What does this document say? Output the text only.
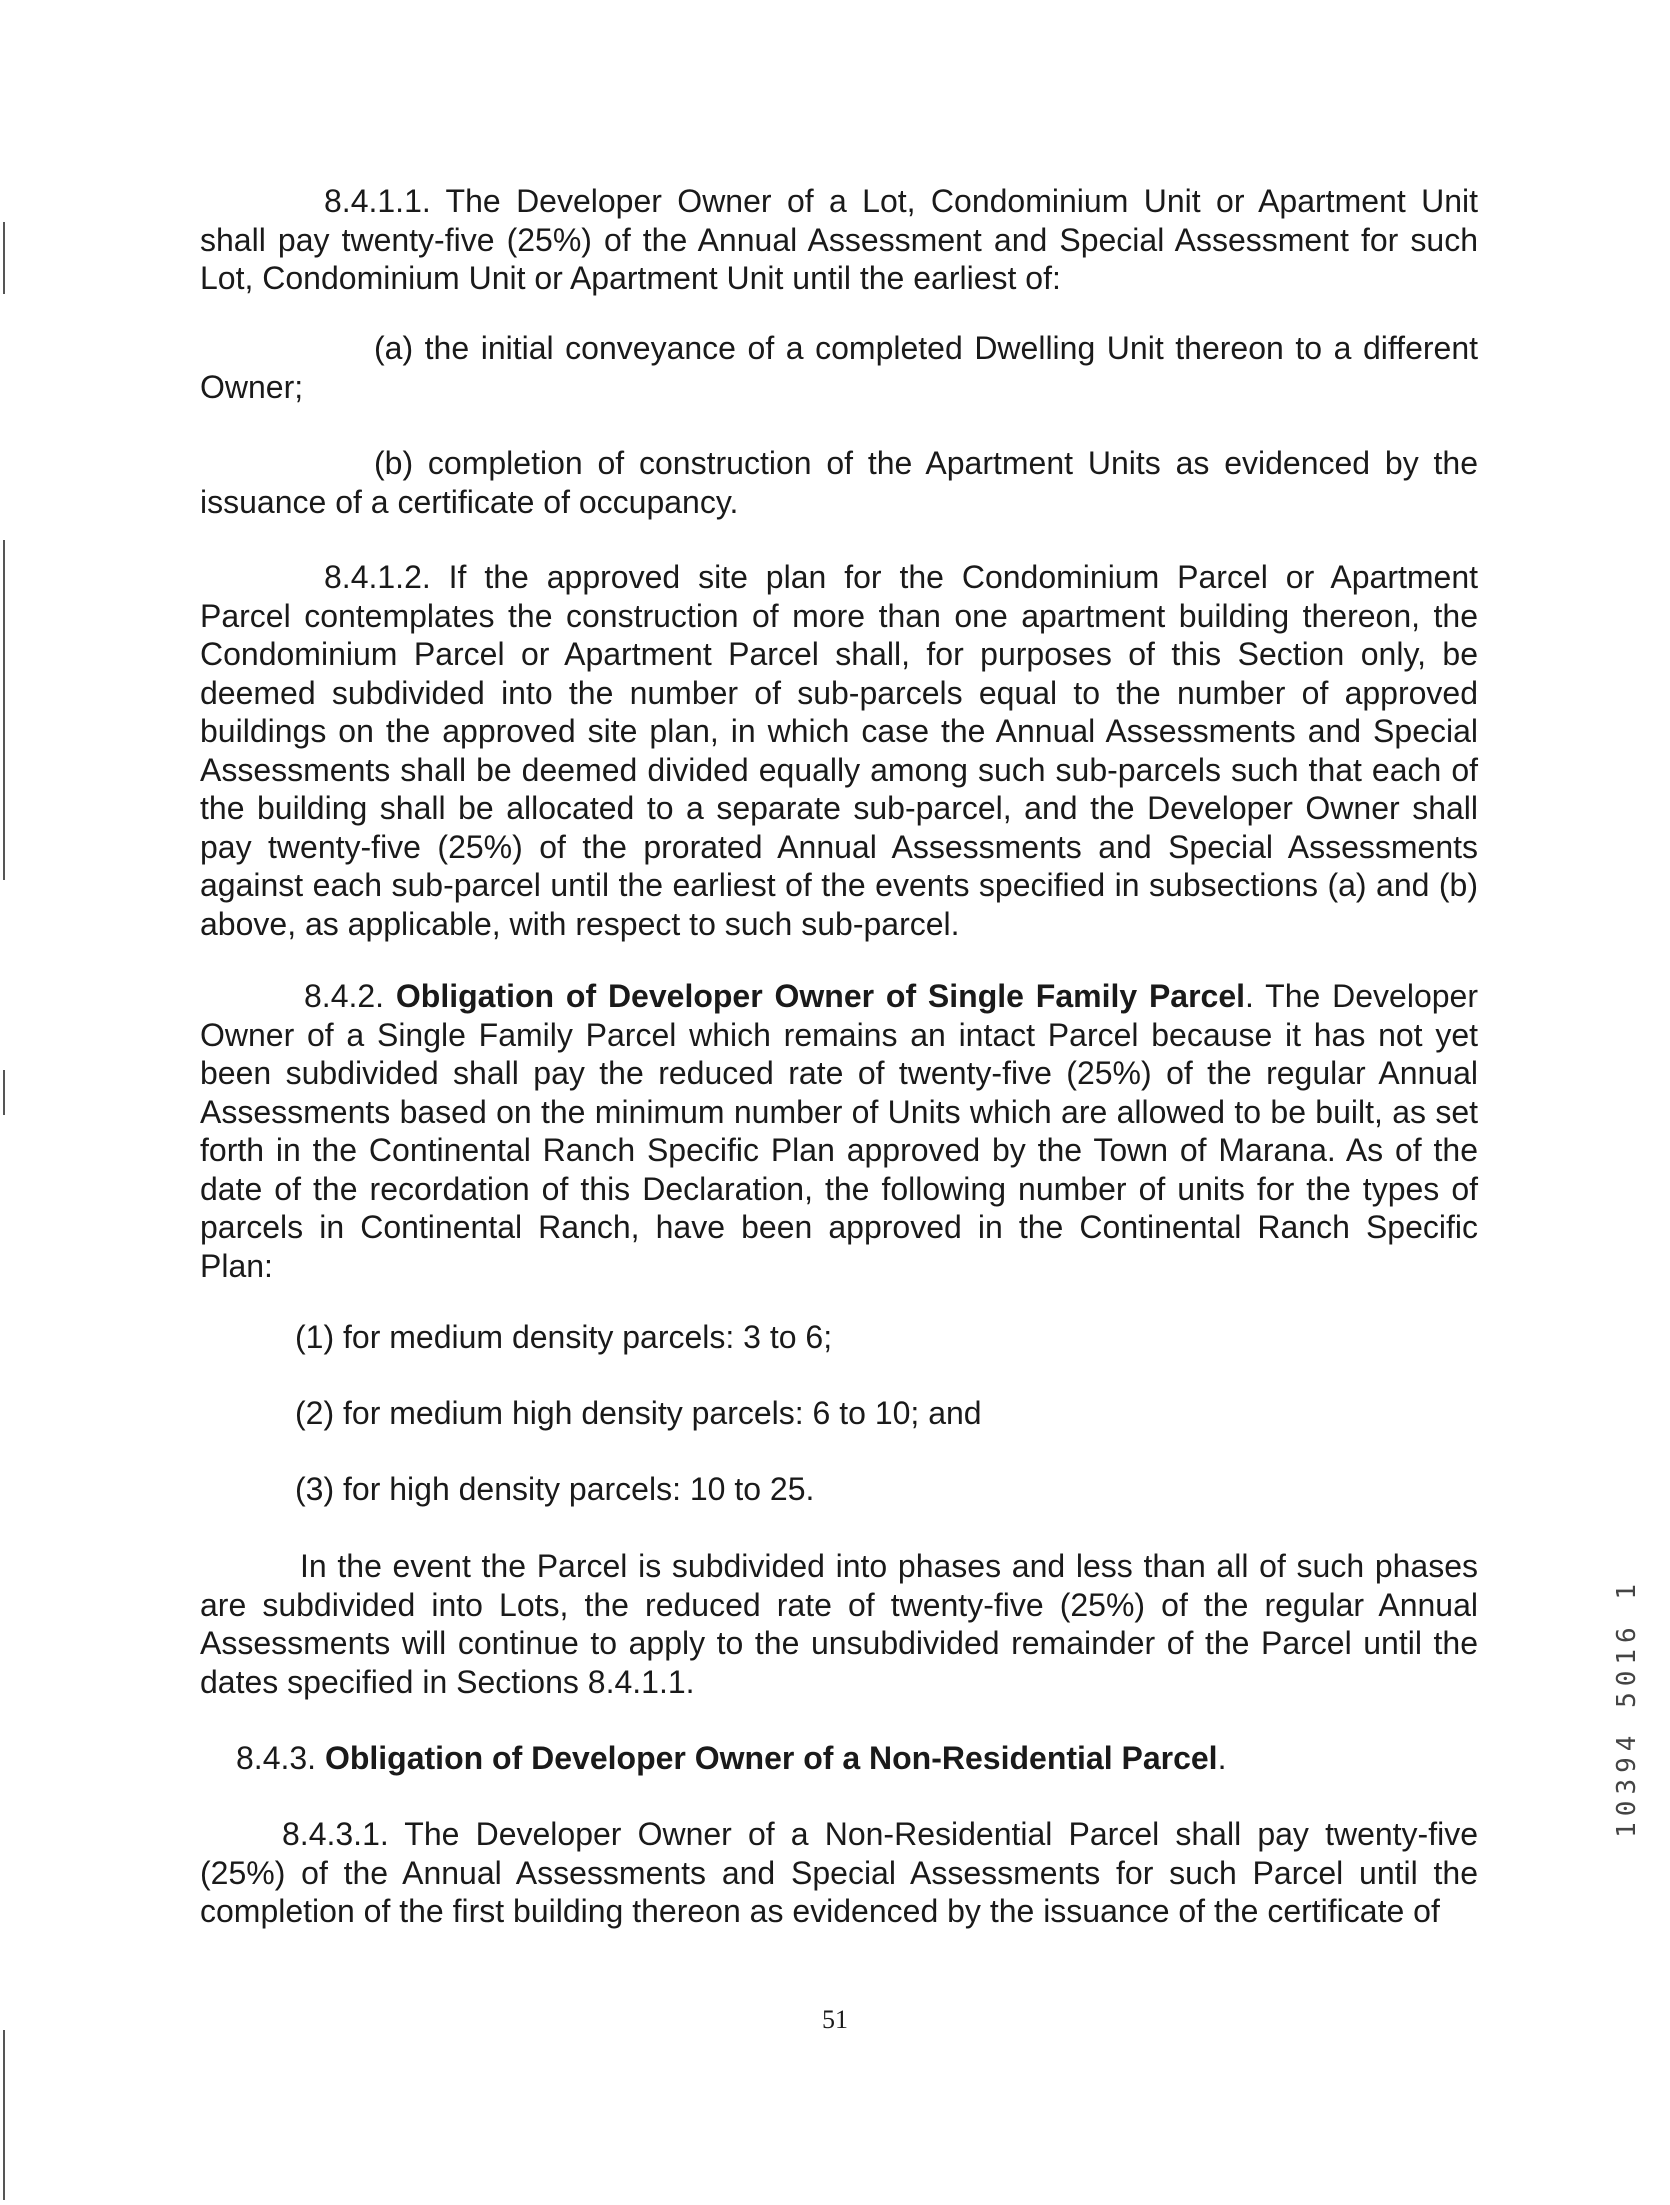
8.4.1.1. The Developer Owner of a Lot, Condominium Unit or Apartment Unit shall pay twenty-five (25%) of the Annual Assessment and Special Assessment for such Lot, Condominium Unit or Apartment Unit until the earliest of:

(a) the initial conveyance of a completed Dwelling Unit thereon to a different Owner;

(b) completion of construction of the Apartment Units as evidenced by the issuance of a certificate of occupancy.

8.4.1.2. If the approved site plan for the Condominium Parcel or Apartment Parcel contemplates the construction of more than one apartment building thereon, the Condominium Parcel or Apartment Parcel shall, for purposes of this Section only, be deemed subdivided into the number of sub-parcels equal to the number of approved buildings on the approved site plan, in which case the Annual Assessments and Special Assessments shall be deemed divided equally among such sub-parcels such that each of the building shall be allocated to a separate sub-parcel, and the Developer Owner shall pay twenty-five (25%) of the prorated Annual Assessments and Special Assessments against each sub-parcel until the earliest of the events specified in subsections (a) and (b) above, as applicable, with respect to such sub-parcel.

8.4.2. Obligation of Developer Owner of Single Family Parcel. The Developer Owner of a Single Family Parcel which remains an intact Parcel because it has not yet been subdivided shall pay the reduced rate of twenty-five (25%) of the regular Annual Assessments based on the minimum number of Units which are allowed to be built, as set forth in the Continental Ranch Specific Plan approved by the Town of Marana. As of the date of the recordation of this Declaration, the following number of units for the types of parcels in Continental Ranch, have been approved in the Continental Ranch Specific Plan:

(1) for medium density parcels: 3 to 6;

(2) for medium high density parcels: 6 to 10; and

(3) for high density parcels: 10 to 25.

In the event the Parcel is subdivided into phases and less than all of such phases are subdivided into Lots, the reduced rate of twenty-five (25%) of the regular Annual Assessments will continue to apply to the unsubdivided remainder of the Parcel until the dates specified in Sections 8.4.1.1.

8.4.3. Obligation of Developer Owner of a Non-Residential Parcel.

8.4.3.1. The Developer Owner of a Non-Residential Parcel shall pay twenty-five (25%) of the Annual Assessments and Special Assessments for such Parcel until the completion of the first building thereon as evidenced by the issuance of the certificate of

51
10394 5016 1
